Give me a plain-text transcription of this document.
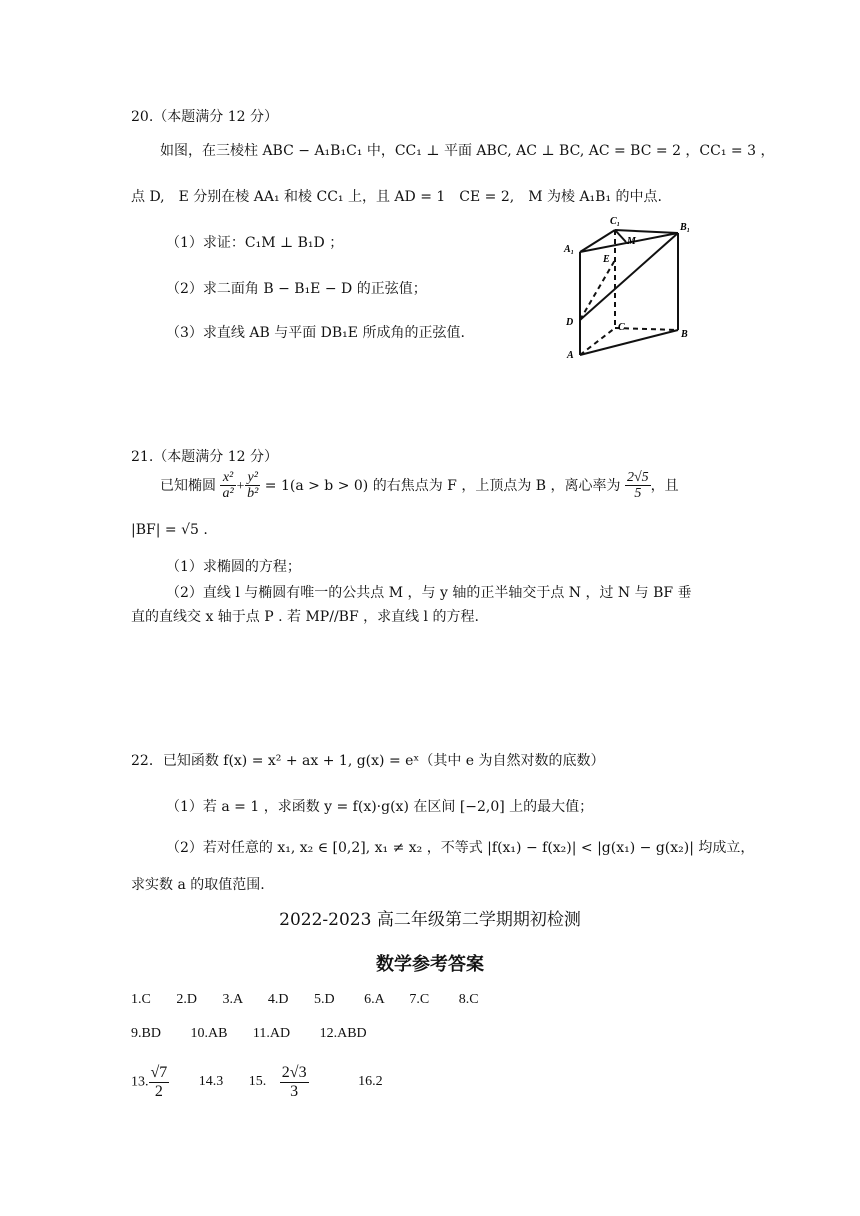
20.（本题满分 12 分）
如图，在三棱柱 ABC − A₁B₁C₁ 中，CC₁ ⊥ 平面 ABC, AC ⊥ BC, AC = BC = 2 ，CC₁ = 3 ，
点 D,　E 分别在棱 AA₁ 和棱 CC₁ 上，且 AD = 1　CE = 2,　M 为棱 A₁B₁ 的中点.
（1）求证：C₁M ⊥ B₁D ；
（2）求二面角 B − B₁E − D 的正弦值；
（3）求直线 AB 与平面 DB₁E 所成角的正弦值.
C₁
B₁
A₁
M
E
D	C
B
A
21.（本题满分 12 分）
已知椭圆 $\frac{\text{x²}}{\text{a²}} + \frac{\text{y²}}{\text{b²}} = 1(a > b > 0)$ 的右焦点为 F ，上顶点为 B ，离心率为 $\frac{2√5}{5}$ ，且
|BF| = √5 .
（1）求椭圆的方程；
（2）直线 l 与椭圆有唯一的公共点 M ，与 y 轴的正半轴交于点 N ，过 N 与 BF 垂
直的直线交 x 轴于点 P . 若 MP//BF ，求直线 l 的方程.
22．已知函数 f(x) = x² + ax + 1, g(x) = eˣ（其中 e 为自然对数的底数）
（1）若 a = 1 ，求函数 y = f(x)·g(x) 在区间 [−2,0] 上的最大值；
（2）若对任意的 x₁, x₂ ∈ [0,2], x₁ ≠ x₂ ，不等式 |f(x₁) − f(x₂)| < |g(x₁) − g(x₂)| 均成立，
求实数 a 的取值范围.
2022-2023 高二年级第二学期期初检测
数学参考答案
1.C 2.D 3.A 4.D 5.D 6.A 7.C 8.C
9.BD 10.AB 11.AD 12.ABD
13. $\frac{√7}{2} 14.3$ 15. $\frac{2√3}{3}$	16.2
